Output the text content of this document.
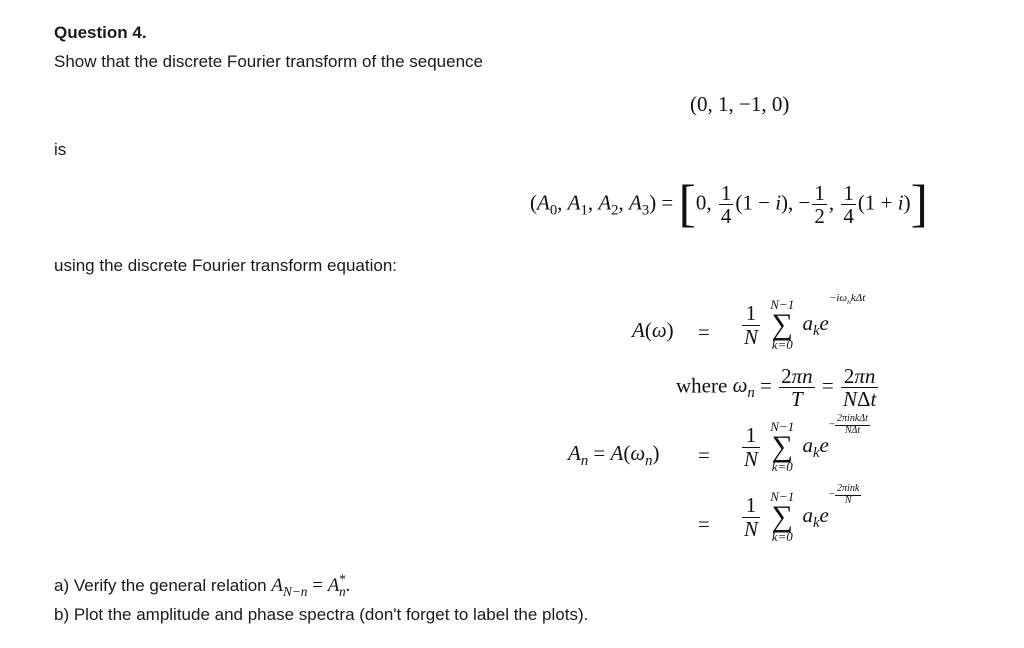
Question 4.
Show that the discrete Fourier transform of the sequence
is
using the discrete Fourier transform equation:
(0, 1, −1, 0)
($A_0$, $A_1$, $A_2$, $A_3) = [0$, $\frac{1}{4} (1 - i)$, − $\frac{1}{2}$ , $\frac{1}{4} (1 + i)$]
$A(\omega) = \frac{1}{N}$
N−1
∑
k=0
$a_ke-i\omega_nk\Delta t$
where $\omega_n = \frac{2\pi n}{T} = \frac{2\pi n}{\text{NΔt}}$
$A_n = A(\omega_n) = \frac{1}{N}$
N−1
∑
k=0
$a_ke- \frac{\text{2πinkΔt}}{\text{NΔt}}$
= $\frac{1}{N}$
N−1
∑
k=0
$a_ke- \frac{\text{2πink}}{N}$
a) Verify the general relation $A_{N-n} = A^*_n$.
b) Plot the amplitude and phase spectra (don't forget to label the plots).
